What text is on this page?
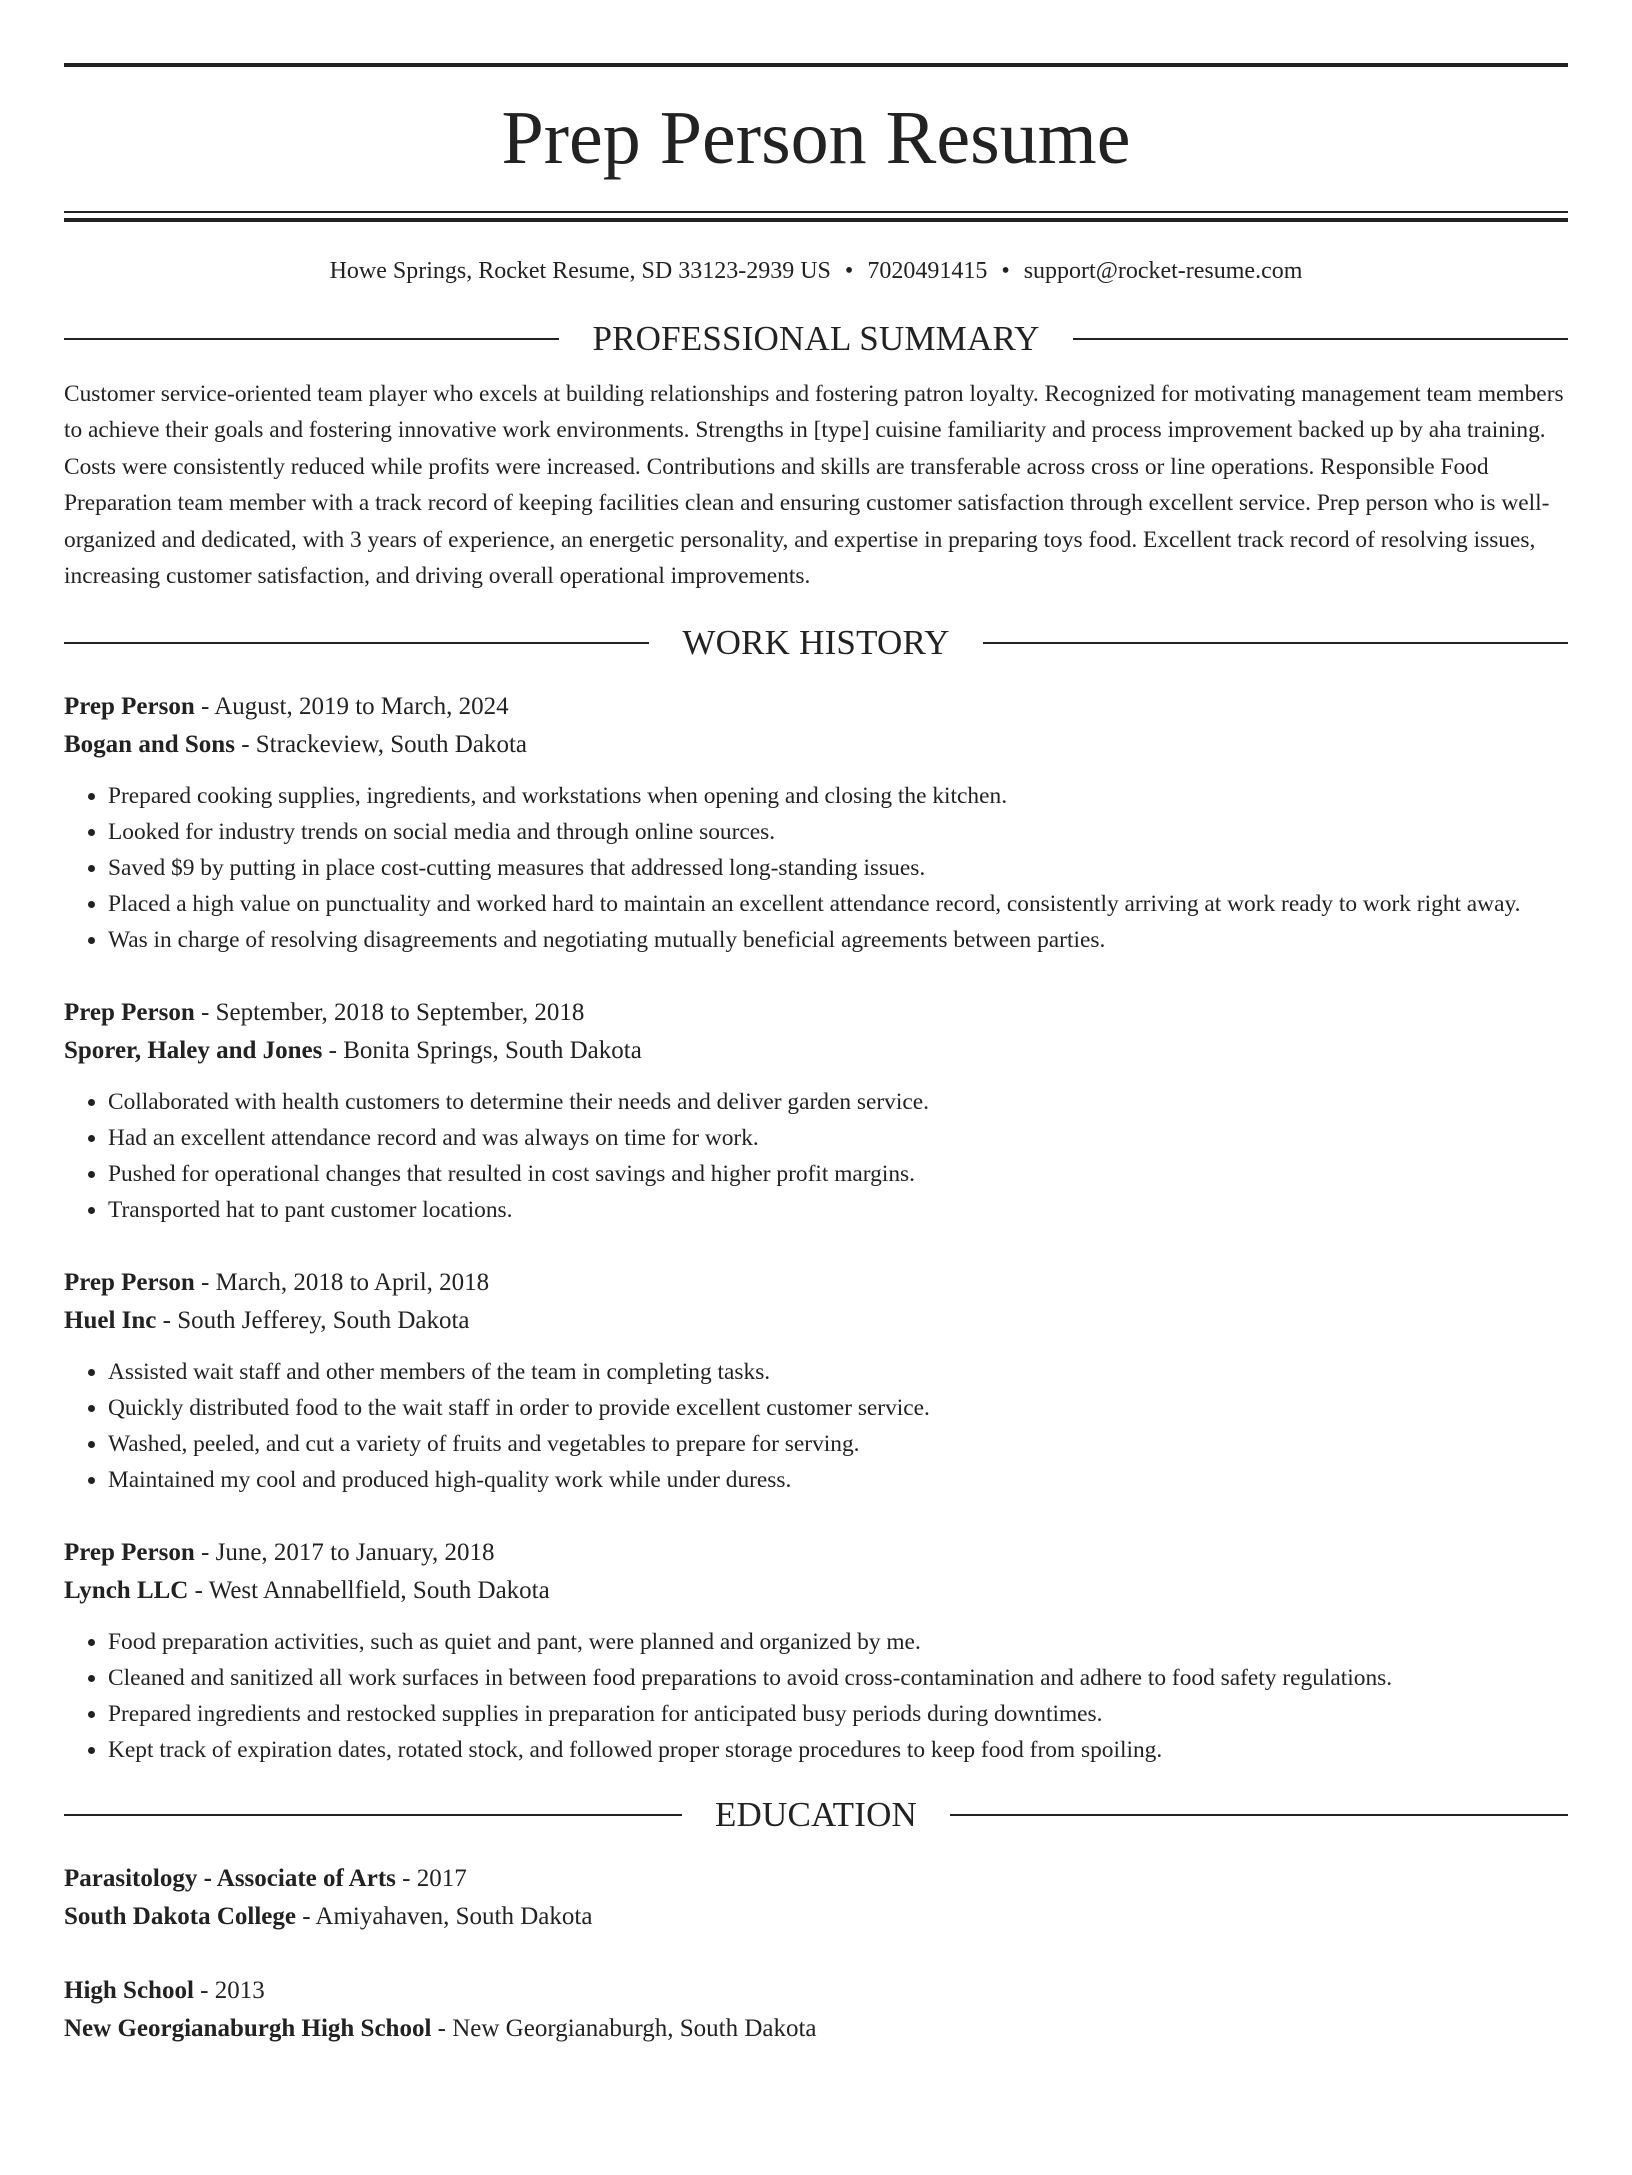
Prep Person Resume
Howe Springs, Rocket Resume, SD 33123-2939 US • 7020491415 • support@rocket-resume.com
PROFESSIONAL SUMMARY

Customer service-oriented team player who excels at building relationships and fostering patron loyalty. Recognized for motivating management team members to achieve their goals and fostering innovative work environments. Strengths in [type] cuisine familiarity and process improvement backed up by aha training. Costs were consistently reduced while profits were increased. Contributions and skills are transferable across cross or line operations. Responsible Food Preparation team member with a track record of keeping facilities clean and ensuring customer satisfaction through excellent service. Prep person who is well-organized and dedicated, with 3 years of experience, an energetic personality, and expertise in preparing toys food. Excellent track record of resolving issues, increasing customer satisfaction, and driving overall operational improvements.

WORK HISTORY
Prep Person - August, 2019 to March, 2024
Bogan and Sons - Strackeview, South Dakota
• Prepared cooking supplies, ingredients, and workstations when opening and closing the kitchen.
• Looked for industry trends on social media and through online sources.
• Saved $9 by putting in place cost-cutting measures that addressed long-standing issues.
• Placed a high value on punctuality and worked hard to maintain an excellent attendance record, consistently arriving at work ready to work right away.
• Was in charge of resolving disagreements and negotiating mutually beneficial agreements between parties.
Prep Person - September, 2018 to September, 2018
Sporer, Haley and Jones - Bonita Springs, South Dakota
• Collaborated with health customers to determine their needs and deliver garden service.
• Had an excellent attendance record and was always on time for work.
• Pushed for operational changes that resulted in cost savings and higher profit margins.
• Transported hat to pant customer locations.
Prep Person - March, 2018 to April, 2018
Huel Inc - South Jefferey, South Dakota
• Assisted wait staff and other members of the team in completing tasks.
• Quickly distributed food to the wait staff in order to provide excellent customer service.
• Washed, peeled, and cut a variety of fruits and vegetables to prepare for serving.
• Maintained my cool and produced high-quality work while under duress.
Prep Person - June, 2017 to January, 2018
Lynch LLC - West Annabellfield, South Dakota
• Food preparation activities, such as quiet and pant, were planned and organized by me.
• Cleaned and sanitized all work surfaces in between food preparations to avoid cross-contamination and adhere to food safety regulations.
• Prepared ingredients and restocked supplies in preparation for anticipated busy periods during downtimes.
• Kept track of expiration dates, rotated stock, and followed proper storage procedures to keep food from spoiling.
EDUCATION
Parasitology - Associate of Arts - 2017
South Dakota College - Amiyahaven, South Dakota
High School - 2013
New Georgianaburgh High School - New Georgianaburgh, South Dakota
